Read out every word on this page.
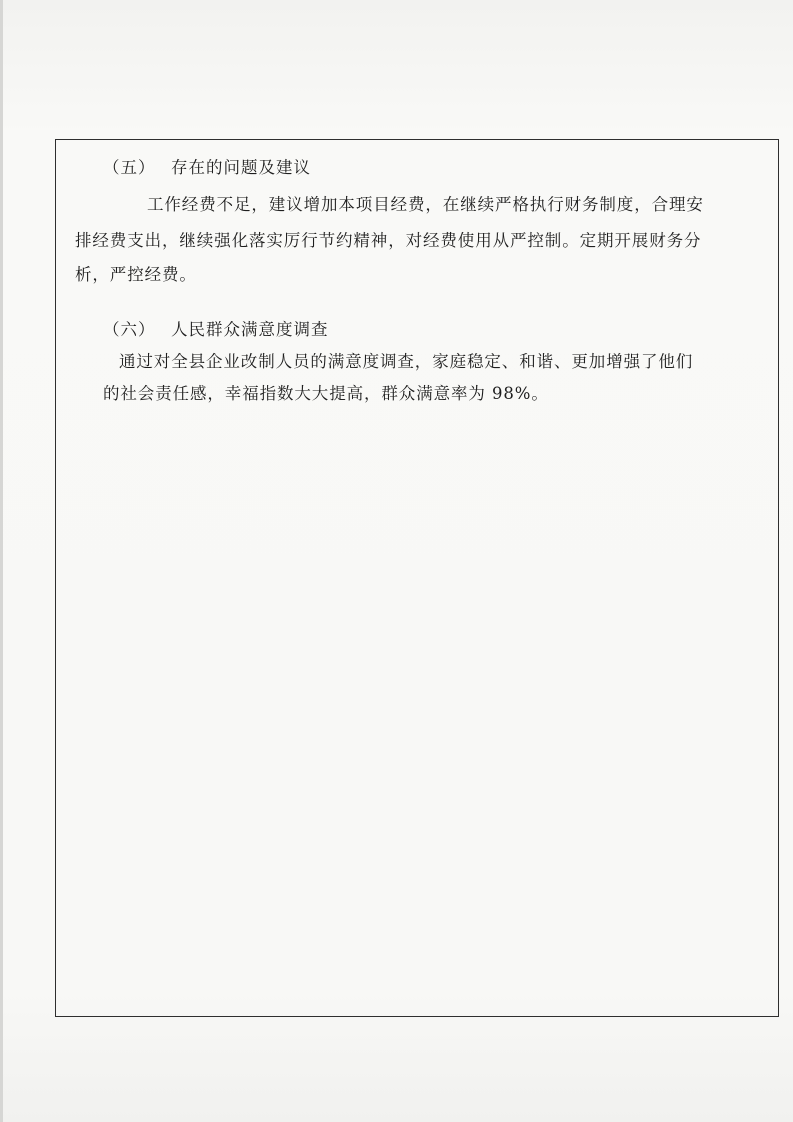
（五） 存在的问题及建议
工作经费不足，建议增加本项目经费，在继续严格执行财务制度，合理安
排经费支出，继续强化落实厉行节约精神，对经费使用从严控制。定期开展财务分
析，严控经费。
（六） 人民群众满意度调查
通过对全县企业改制人员的满意度调查，家庭稳定、和谐、更加增强了他们
的社会责任感，幸福指数大大提高，群众满意率为 98%。
